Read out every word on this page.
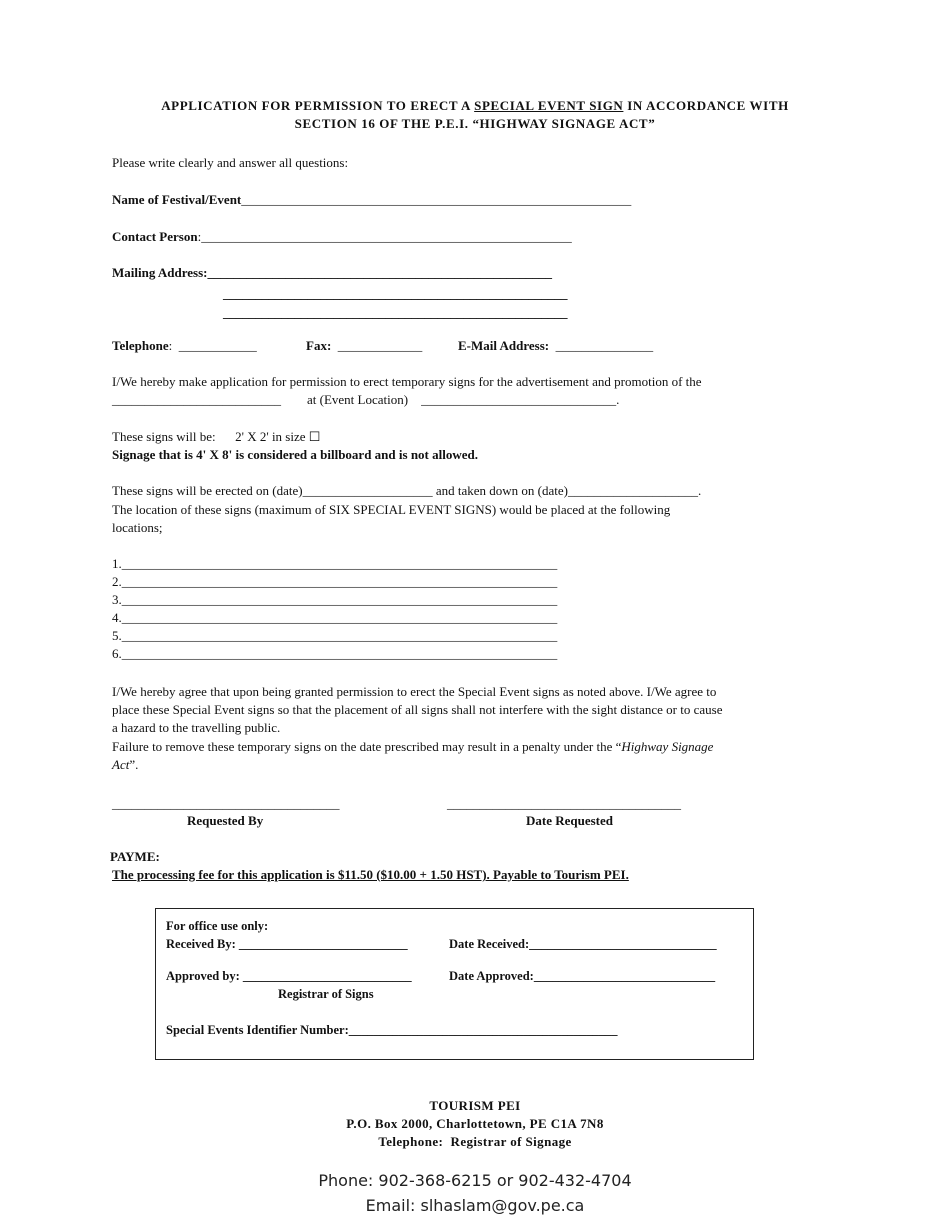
APPLICATION FOR PERMISSION TO ERECT A SPECIAL EVENT SIGN IN ACCORDANCE WITH
SECTION 16 OF THE P.E.I. “HIGHWAY SIGNAGE ACT”
Please write clearly and answer all questions:
Name of Festival/Event____________________________________________________________
Contact Person:_________________________________________________________
Mailing Address:_____________________________________________________
_____________________________________________________
_____________________________________________________
Telephone:  ____________	Fax:  _____________	E-Mail Address:  _______________
I/We hereby make application for permission to erect temporary signs for the advertisement and promotion of the
__________________________        at (Event Location)    ______________________________.
These signs will be:      2' X 2' in size ☐
Signage that is 4' X 8' is considered a billboard and is not allowed.
These signs will be erected on (date)____________________ and taken down on (date)____________________.
The location of these signs (maximum of SIX SPECIAL EVENT SIGNS) would be placed at the following
locations;
1.___________________________________________________________________
2.___________________________________________________________________
3.___________________________________________________________________
4.___________________________________________________________________
5.___________________________________________________________________
6.___________________________________________________________________
I/We hereby agree that upon being granted permission to erect the Special Event signs as noted above. I/We agree to
place these Special Event signs so that the placement of all signs shall not interfere with the sight distance or to cause
a hazard to the travelling public.
Failure to remove these temporary signs on the date prescribed may result in a penalty under the “Highway Signage
Act”.
___________________________________
Requested By
____________________________________
Date Requested
PAYME:
The processing fee for this application is $11.50 ($10.00 + 1.50 HST). Payable to Tourism PEI.
For office use only:
Received By: ___________________________	Date Received:______________________________
Approved by: ___________________________	Date Approved:_____________________________
Registrar of Signs
Special Events Identifier Number:___________________________________________
TOURISM PEI
P.O. Box 2000, Charlottetown, PE C1A 7N8
Telephone:  Registrar of Signage
Phone: 902-368-6215 or 902-432-4704
Email: slhaslam@gov.pe.ca
